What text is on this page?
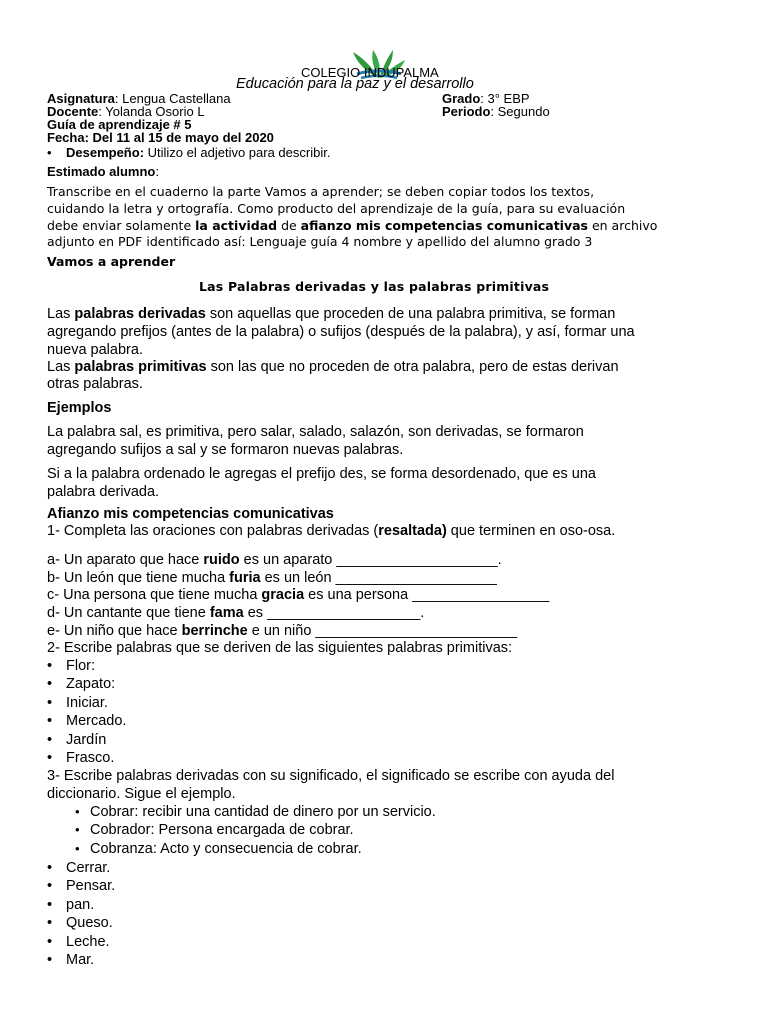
COLEGIO INDUPALMA
Educación para la paz y el desarrollo
Asignatura: Lengua Castellana	Grado: 3° EBP
Docente: Yolanda Osorio L	Periodo: Segundo
Guía de aprendizaje # 5
Fecha: Del 11 al 15 de mayo del 2020
• Desempeño: Utilizo el adjetivo para describir.
Estimado alumno:
Transcribe en el cuaderno la parte Vamos a aprender; se deben copiar todos los textos,
cuidando la letra y ortografía. Como producto del aprendizaje de la guía, para su evaluación
debe enviar solamente la actividad de afianzo mis competencias comunicativas en archivo
adjunto en PDF identificado así: Lenguaje guía 4 nombre y apellido del alumno grado 3
Vamos a aprender
Las Palabras derivadas y las palabras primitivas
Las palabras derivadas son aquellas que proceden de una palabra primitiva, se forman
agregando prefijos (antes de la palabra) o sufijos (después de la palabra), y así, formar una
nueva palabra.
Las palabras primitivas son las que no proceden de otra palabra, pero de estas derivan
otras palabras.
Ejemplos
La palabra sal, es primitiva, pero salar, salado, salazón, son derivadas, se formaron
agregando sufijos a sal y se formaron nuevas palabras.
Si a la palabra ordenado le agregas el prefijo des, se forma desordenado, que es una
palabra derivada.
Afianzo mis competencias comunicativas
1- Completa las oraciones con palabras derivadas (resaltada) que terminen en oso-osa.
a- Un aparato que hace ruido es un aparato ____________________.
b- Un león que tiene mucha furia es un león ____________________
c- Una persona que tiene mucha gracia es una persona _________________
d- Un cantante que tiene fama es ___________________.
e- Un niño que hace berrinche e un niño _________________________
2- Escribe palabras que se deriven de las siguientes palabras primitivas:
• Flor:
• Zapato:
• Iniciar.
• Mercado.
• Jardín
• Frasco.
3- Escribe palabras derivadas con su significado, el significado se escribe con ayuda del
diccionario. Sigue el ejemplo.
• Cobrar: recibir una cantidad de dinero por un servicio.
• Cobrador: Persona encargada de cobrar.
• Cobranza: Acto y consecuencia de cobrar.
• Cerrar.
• Pensar.
• pan.
• Queso.
• Leche.
• Mar.
